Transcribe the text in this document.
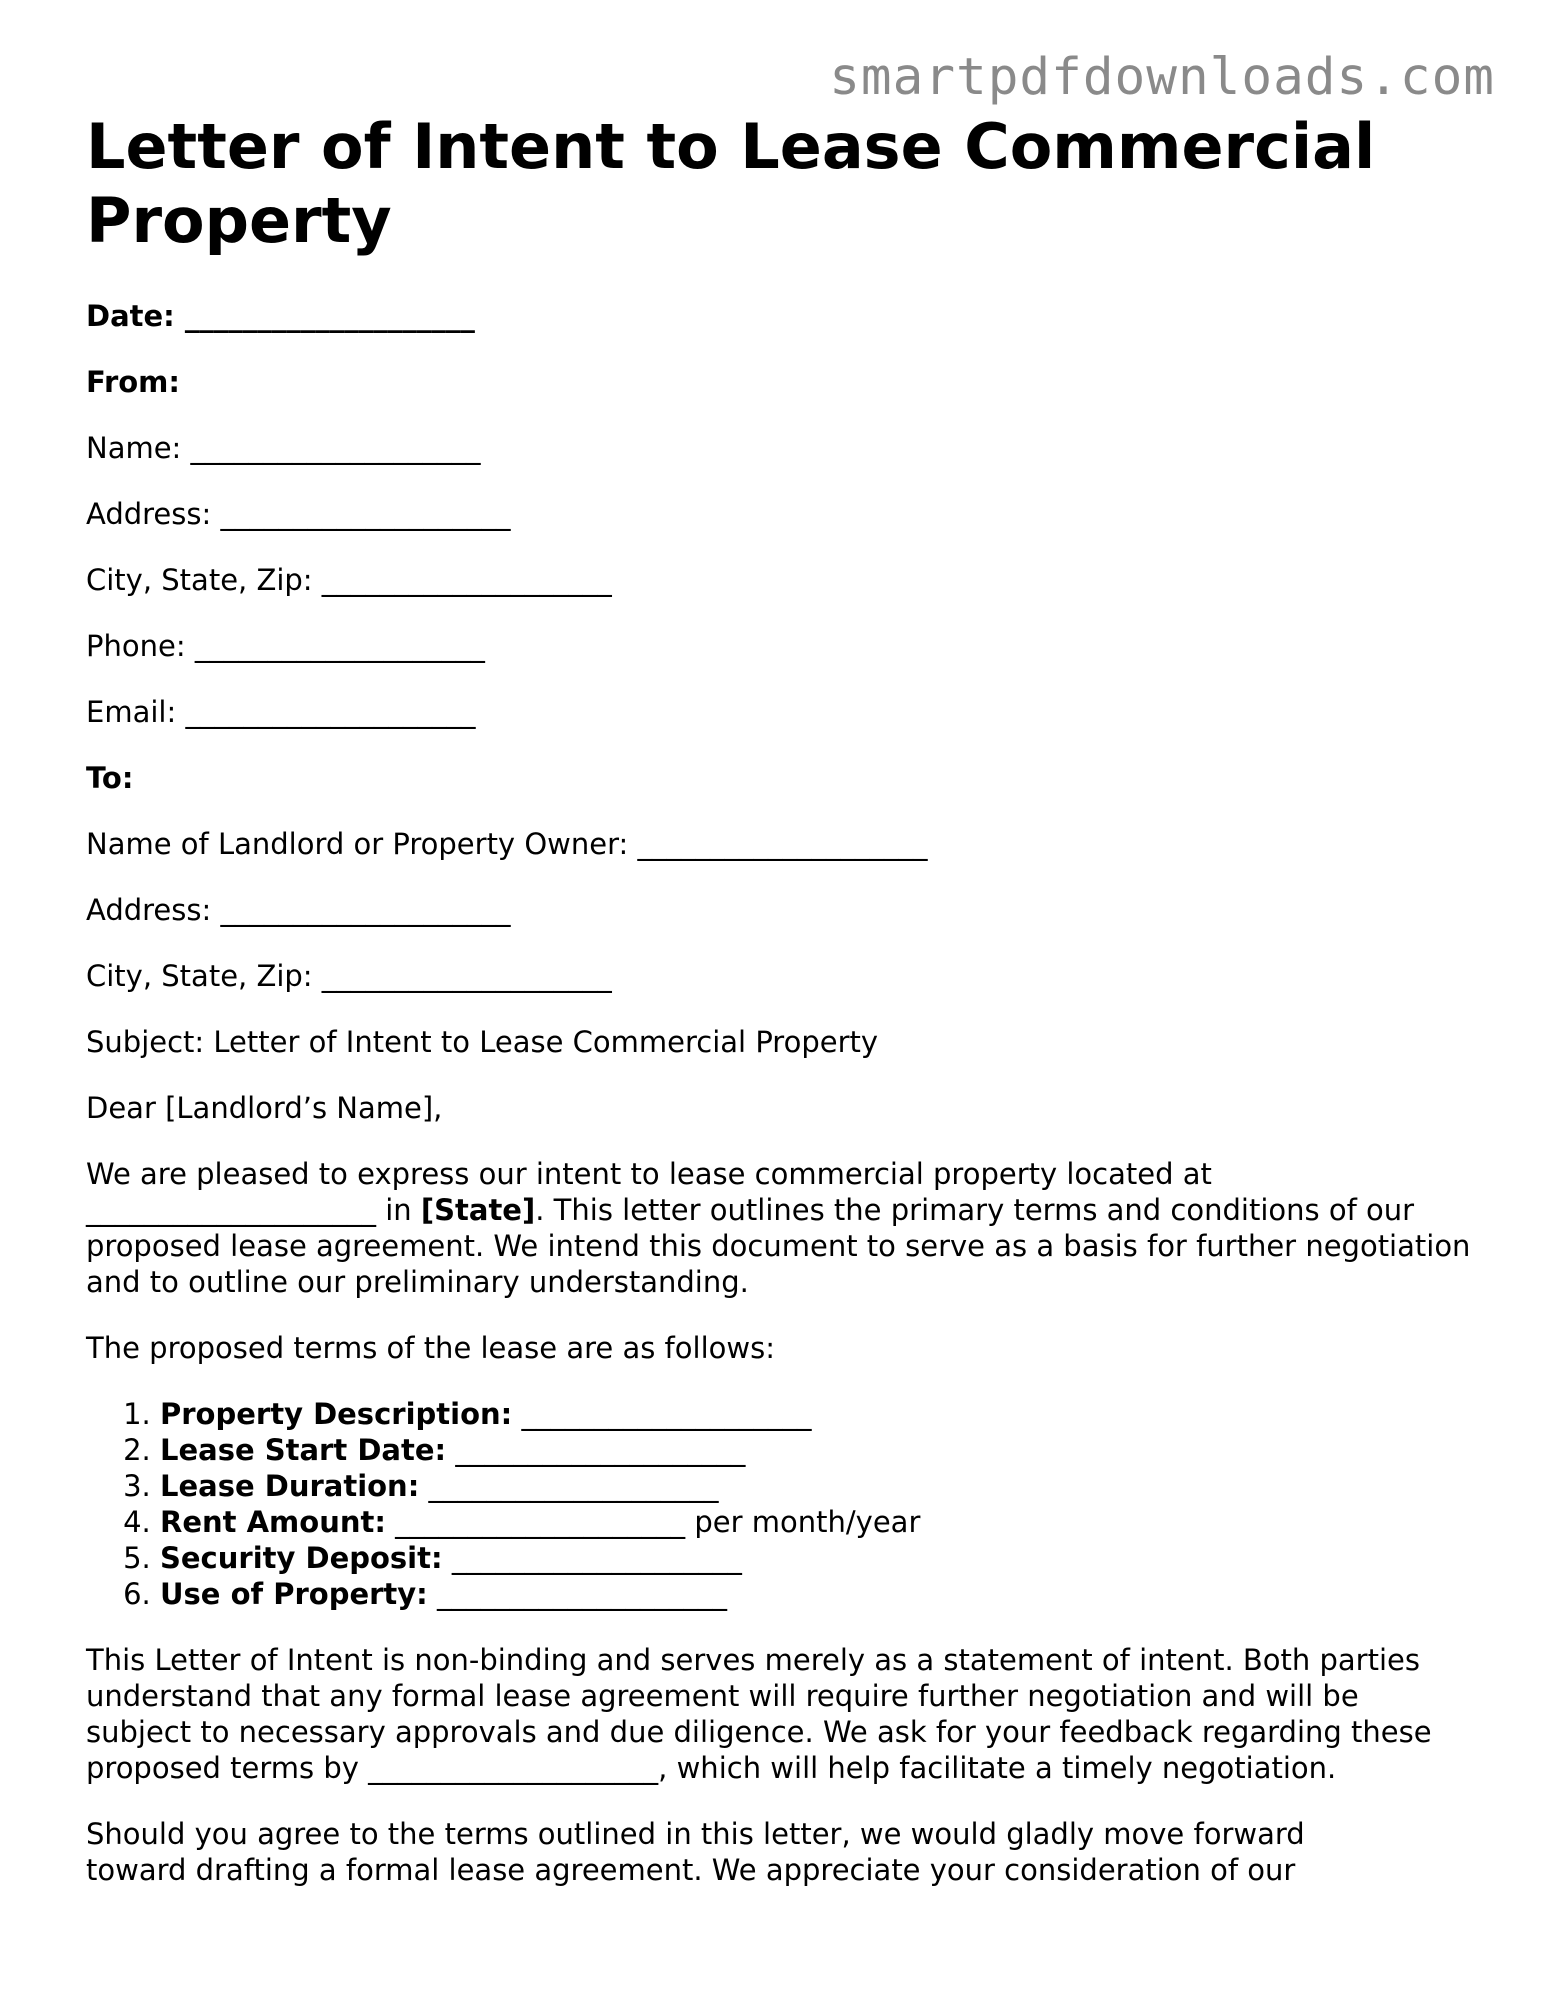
smartpdfdownloads.com
Letter of Intent to Lease Commercial Property
Date: ____________________
From:
Name: ____________________
Address: ____________________
City, State, Zip: ____________________
Phone: ____________________
Email: ____________________
To:
Name of Landlord or Property Owner: ____________________
Address: ____________________
City, State, Zip: ____________________
Subject: Letter of Intent to Lease Commercial Property
Dear [Landlord’s Name],

We are pleased to express our intent to lease commercial property located at
____________________ in [State]. This letter outlines the primary terms and conditions of our proposed lease agreement. We intend this document to serve as a basis for further negotiation and to outline our preliminary understanding.

The proposed terms of the lease are as follows:
1. Property Description: ____________________
2. Lease Start Date: ____________________
3. Lease Duration: ____________________
4. Rent Amount: ____________________ per month/year
5. Security Deposit: ____________________
6. Use of Property: ____________________

This Letter of Intent is non-binding and serves merely as a statement of intent. Both parties understand that any formal lease agreement will require further negotiation and will be subject to necessary approvals and due diligence. We ask for your feedback regarding these proposed terms by ____________________, which will help facilitate a timely negotiation.

Should you agree to the terms outlined in this letter, we would gladly move forward toward drafting a formal lease agreement. We appreciate your consideration of our
